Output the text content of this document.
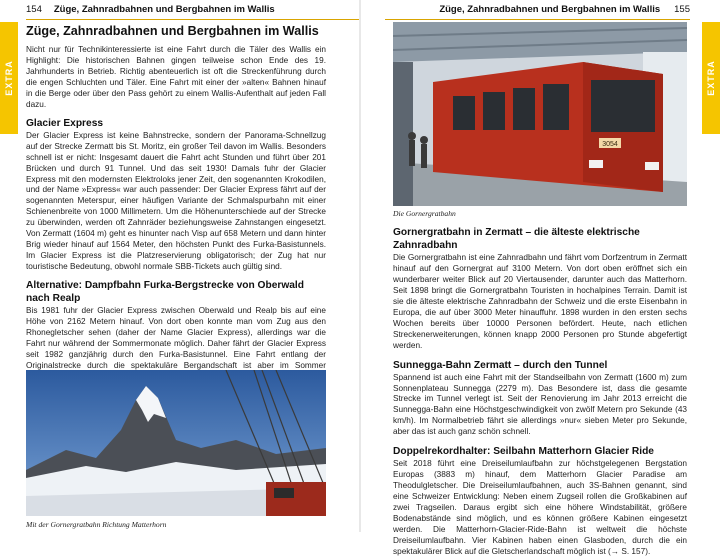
154 Züge, Zahnradbahnen und Bergbahnen im Wallis
EXTRA
Züge, Zahnradbahnen und Bergbahnen im Wallis

Nicht nur für Technikinteressierte ist eine Fahrt durch die Täler des Wallis ein Highlight: Die historischen Bahnen gingen teilweise schon Ende des 19. Jahrhunderts in Betrieb. Richtig abenteuerlich ist oft die Streckenführung durch die engen Schluchten und Täler. Eine Fahrt mit einer der »alten« Bahnen hinauf in die Berge oder über den Pass gehört zu einem Wallis-Aufenthalt auf jeden Fall dazu.

Glacier Express

Der Glacier Express ist keine Bahnstrecke, sondern der Panorama-Schnellzug auf der Strecke Zermatt bis St. Moritz, ein großer Teil davon im Wallis. Besonders schnell ist er nicht: Insgesamt dauert die Fahrt acht Stunden und führt über 201 Brücken und durch 91 Tunnel. Und das seit 1930! Damals fuhr der Glacier Express mit den modernsten Elektroloks jener Zeit, den sogenannten Krokodilen, und der Name »Express« war auch passender: Der Glacier Express fährt auf der sogenannten Meterspur, einer häufigen Variante der Schmalspurbahn mit einer Schienenbreite von 1000 Millimetern. Um die Höhenunterschiede auf der Strecke zu überwinden, werden oft Zahnräder beziehungsweise Zahnstangen eingesetzt. Von Zermatt (1604 m) geht es hinunter nach Visp auf 658 Metern und dann hinter Brig wieder hinauf auf 1564 Meter, den höchsten Punkt des Furka-Basistunnels. Im Glacier Express ist die Platzreservierung obligatorisch; der Zug hat nur touristische Bedeutung, obwohl normale SBB-Tickets auch gültig sind.

Alternative: Dampfbahn Furka-Bergstrecke von Oberwald nach Realp

Bis 1981 fuhr der Glacier Express zwischen Oberwald und Realp bis auf eine Höhe von 2162 Metern hinauf. Von dort oben konnte man vom Zug aus den Rhonegletscher sehen (daher der Name Glacier Express), allerdings war die Fahrt nur während der Sommermonate möglich. Daher fährt der Glacier Express seit 1982 ganzjährig durch den Furka-Basistunnel. Eine Fahrt entlang der Originalstrecke durch die spektakuläre Bergandschaft ist aber im Sommer

Mit der Gornergratbahn Richtung Matterhorn
Züge, Zahnradbahnen und Bergbahnen im Wallis 155
EXTRA
3054
Die Gornergratbahn
Gornergratbahn in Zermatt – die älteste elektrische Zahnradbahn

Die Gornergratbahn ist eine Zahnradbahn und fährt vom Dorfzentrum in Zermatt hinauf auf den Gornergrat auf 3100 Metern. Von dort oben eröffnet sich ein wunderbarer weiter Blick auf 20 Viertausender, darunter auch das Matterhorn. Seit 1898 bringt die Gornergratbahn Touristen in hochalpines Terrain. Damit ist sie die älteste elektrische Zahnradbahn der Schweiz und die erste Eisenbahn in Europa, die auf über 3000 Meter hinauffuhr. 1898 wurden in den ersten sechs Wochen bereits über 10000 Personen befördert. Heute, nach etlichen Streckenerweiterungen, können knapp 2000 Personen pro Stunde abgefertigt werden.

Sunnegga-Bahn Zermatt – durch den Tunnel

Spannend ist auch eine Fahrt mit der Standseilbahn von Zermatt (1600 m) zum Sonnenplateau Sunnegga (2279 m). Das Besondere ist, dass die gesamte Strecke im Tunnel verlegt ist. Seit der Renovierung im Jahr 2013 erreicht die Sunnegga-Bahn eine Höchstgeschwindigkeit von zwölf Metern pro Sekunde (43 km/h). Im Normalbetrieb fährt sie allerdings »nur« sieben Meter pro Sekunde, aber das ist auch ganz schön schnell.

Doppelrekordhalter: Seilbahn Matterhorn Glacier Ride

Seit 2018 führt eine Dreiseilumlaufbahn zur höchstgelegenen Bergstation Europas (3883 m) hinauf, dem Matterhorn Glacier Paradise am Theodulgletscher. Die Dreiseilumlaufbahnen, auch 3S-Bahnen genannt, sind eine Schweizer Entwicklung: Neben einem Zugseil rollen die Großkabinen auf zwei Tragseilen. Daraus ergibt sich eine höhere Windstabilität, größere Bodenabstände sind möglich, und es können größere Kabinen eingesetzt werden. Die Matterhorn-Glacier-Ride-Bahn ist weltweit die höchste Dreiseilumlaufbahn. Vier Kabinen haben einen Glasboden, durch die ein spektakulärer Blick auf die Gletscherlandschaft möglich ist (→ S. 157).
